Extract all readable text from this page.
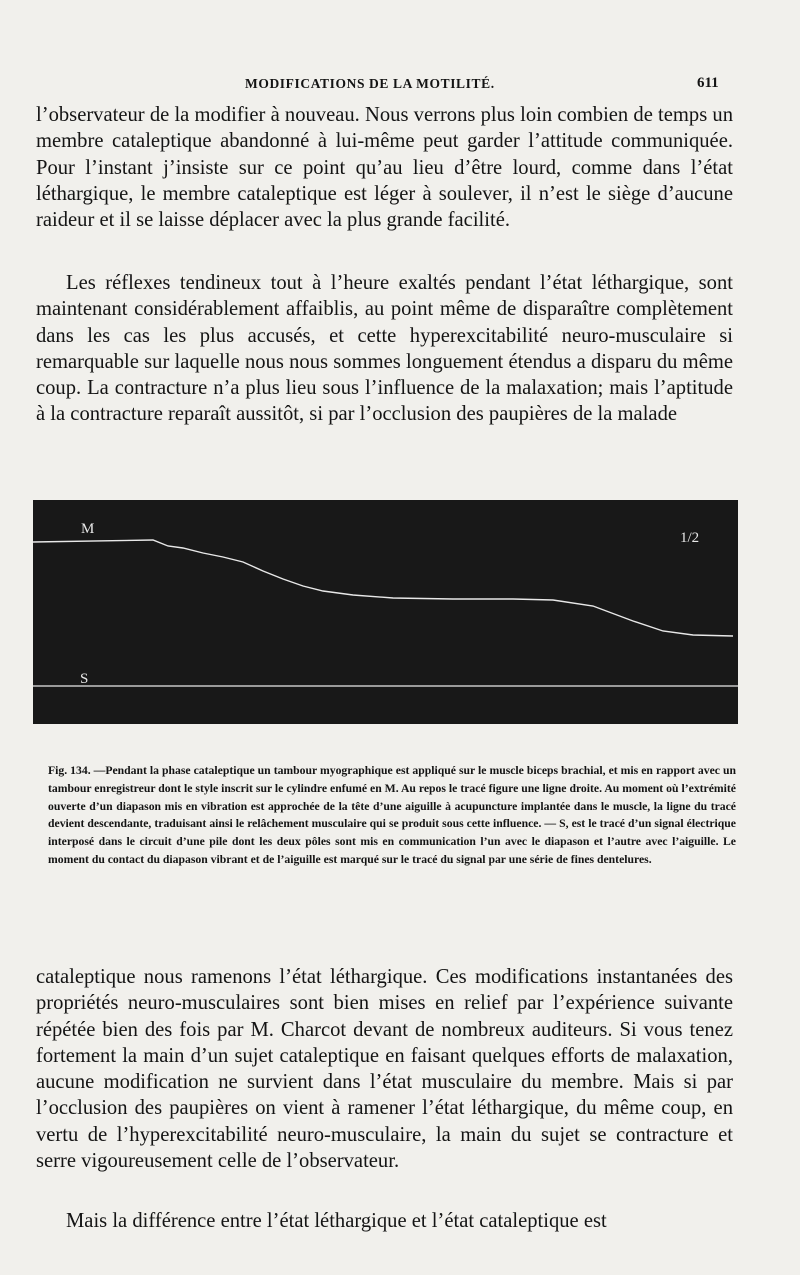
MODIFICATIONS DE LA MOTILITÉ.	611

l’observateur de la modifier à nouveau. Nous verrons plus loin combien de temps un membre cataleptique abandonné à lui-même peut garder l’attitude communiquée. Pour l’instant j’insiste sur ce point qu’au lieu d’être lourd, comme dans l’état léthargique, le membre cataleptique est léger à soulever, il n’est le siège d’aucune raideur et il se laisse déplacer avec la plus grande facilité.

Les réflexes tendineux tout à l’heure exaltés pendant l’état léthargique, sont maintenant considérablement affaiblis, au point même de disparaître complètement dans les cas les plus accusés, et cette hyperexcitabilité neuro-musculaire si remarquable sur laquelle nous nous sommes longuement étendus a disparu du même coup. La contracture n’a plus lieu sous l’influence de la malaxation; mais l’aptitude à la contracture reparaît aussitôt, si par l’occlusion des paupières de la malade

M
1/2
S

Fig. 134. —Pendant la phase cataleptique un tambour myographique est appliqué sur le muscle biceps brachial, et mis en rapport avec un tambour enregistreur dont le style inscrit sur le cylindre enfumé en M. Au repos le tracé figure une ligne droite. Au moment où l’extrémité ouverte d’un diapason mis en vibration est approchée de la tête d’une aiguille à acupuncture implantée dans le muscle, la ligne du tracé devient descendante, traduisant ainsi le relâchement musculaire qui se produit sous cette influence. — S, est le tracé d’un signal électrique interposé dans le circuit d’une pile dont les deux pôles sont mis en communication l’un avec le diapason et l’autre avec l’aiguille. Le moment du contact du diapason vibrant et de l’aiguille est marqué sur le tracé du signal par une série de fines dentelures.

cataleptique nous ramenons l’état léthargique. Ces modifications instantanées des propriétés neuro-musculaires sont bien mises en relief par l’expérience suivante répétée bien des fois par M. Charcot devant de nombreux auditeurs. Si vous tenez fortement la main d’un sujet cataleptique en faisant quelques efforts de malaxation, aucune modification ne survient dans l’état musculaire du membre. Mais si par l’occlusion des paupières on vient à ramener l’état léthargique, du même coup, en vertu de l’hyperexcitabilité neuro-musculaire, la main du sujet se contracture et serre vigoureusement celle de l’observateur.

Mais la différence entre l’état léthargique et l’état cataleptique est
